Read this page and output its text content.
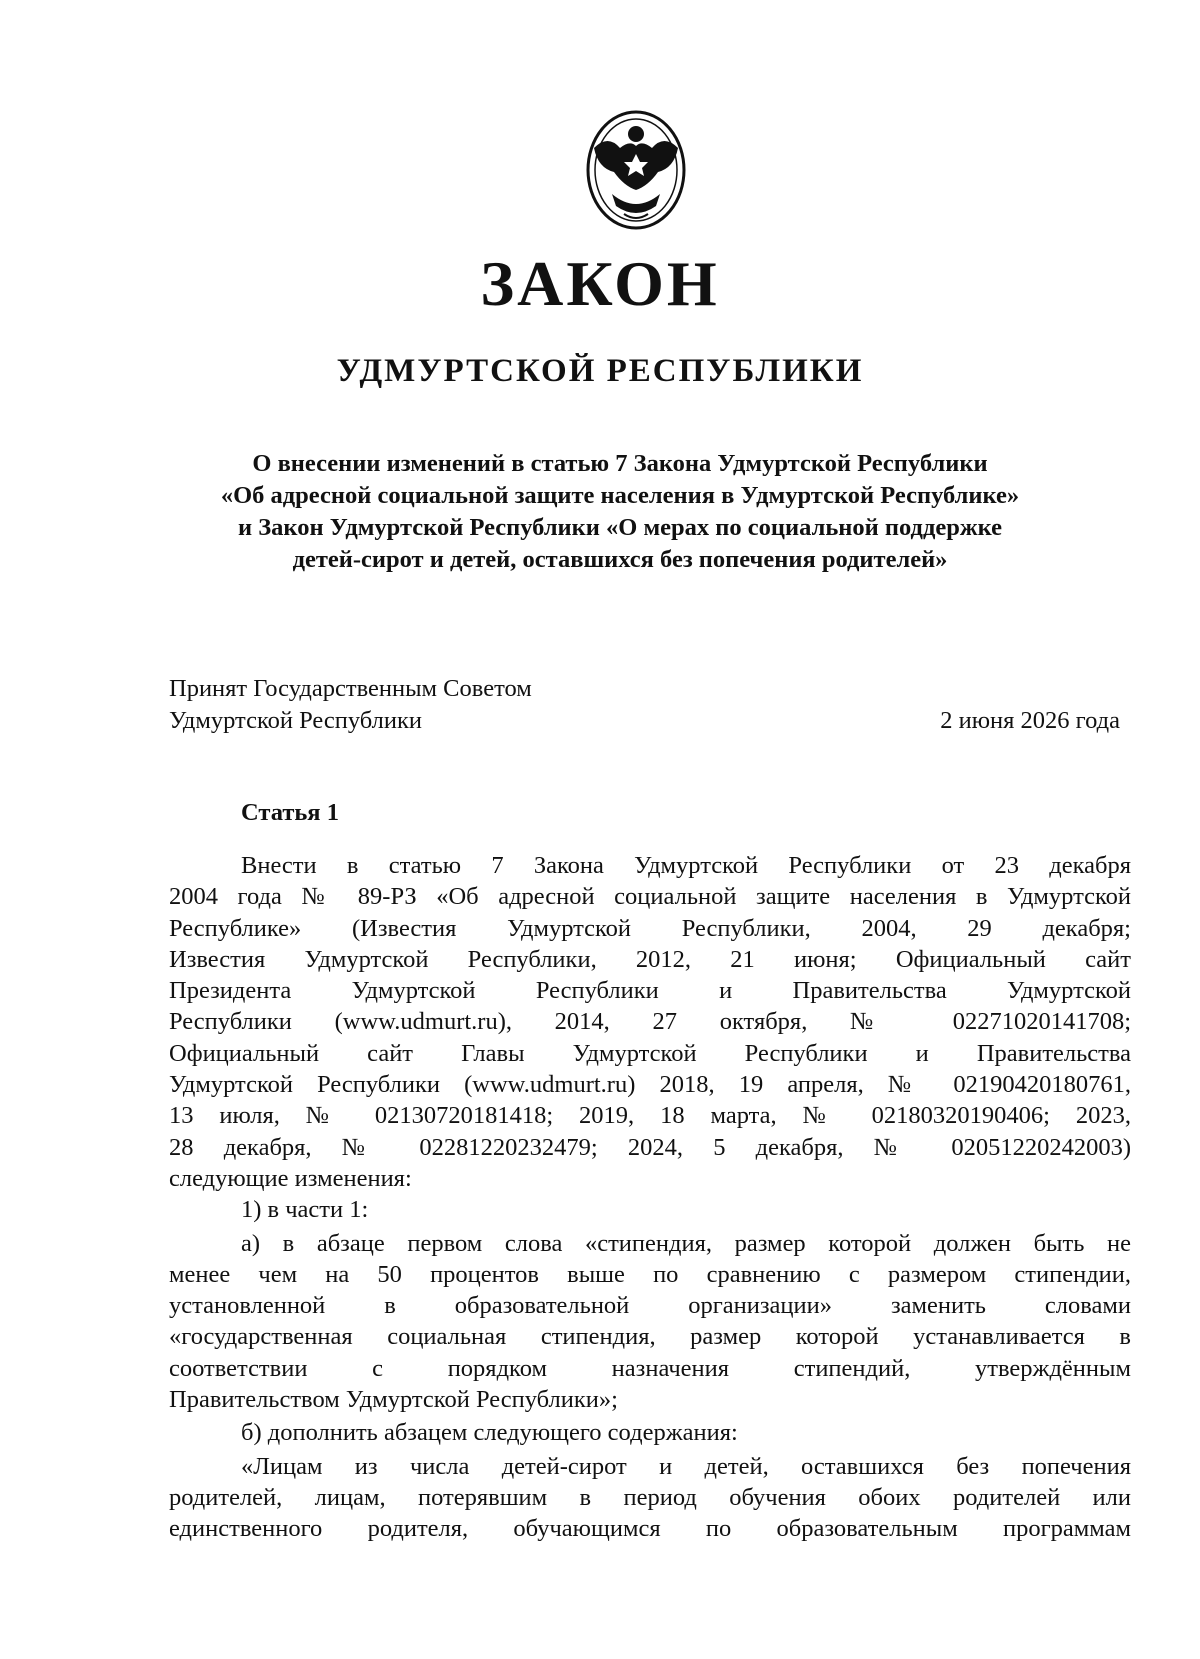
ЗАКОН
УДМУРТСКОЙ РЕСПУБЛИКИ
О внесении изменений в статью 7 Закона Удмуртской Республики
«Об адресной социальной защите населения в Удмуртской Республике»
и Закон Удмуртской Республики «О мерах по социальной поддержке
детей-сирот и детей, оставшихся без попечения родителей»
Принят Государственным Советом
Удмуртской Республики	2 июня 2026 года
Статья 1
Внести в статью 7 Закона Удмуртской Республики от 23 декабря
2004 года № 89-РЗ «Об адресной социальной защите населения в Удмуртской
Республике» (Известия Удмуртской Республики, 2004, 29 декабря;
Известия Удмуртской Республики, 2012, 21 июня; Официальный сайт
Президента Удмуртской Республики и Правительства Удмуртской
Республики (www.udmurt.ru), 2014, 27 октября, № 02271020141708;
Официальный сайт Главы Удмуртской Республики и Правительства
Удмуртской Республики (www.udmurt.ru) 2018, 19 апреля, № 02190420180761,
13 июля, № 02130720181418; 2019, 18 марта, № 02180320190406; 2023,
28 декабря, № 02281220232479; 2024, 5 декабря, № 02051220242003)
следующие изменения:
1) в части 1:
а) в абзаце первом слова «стипендия, размер которой должен быть не
менее чем на 50 процентов выше по сравнению с размером стипендии,
установленной в образовательной организации» заменить словами
«государственная социальная стипендия, размер которой устанавливается в
соответствии с порядком назначения стипендий, утверждённым
Правительством Удмуртской Республики»;
б) дополнить абзацем следующего содержания:
«Лицам из числа детей-сирот и детей, оставшихся без попечения
родителей, лицам, потерявшим в период обучения обоих родителей или
единственного родителя, обучающимся по образовательным программам
